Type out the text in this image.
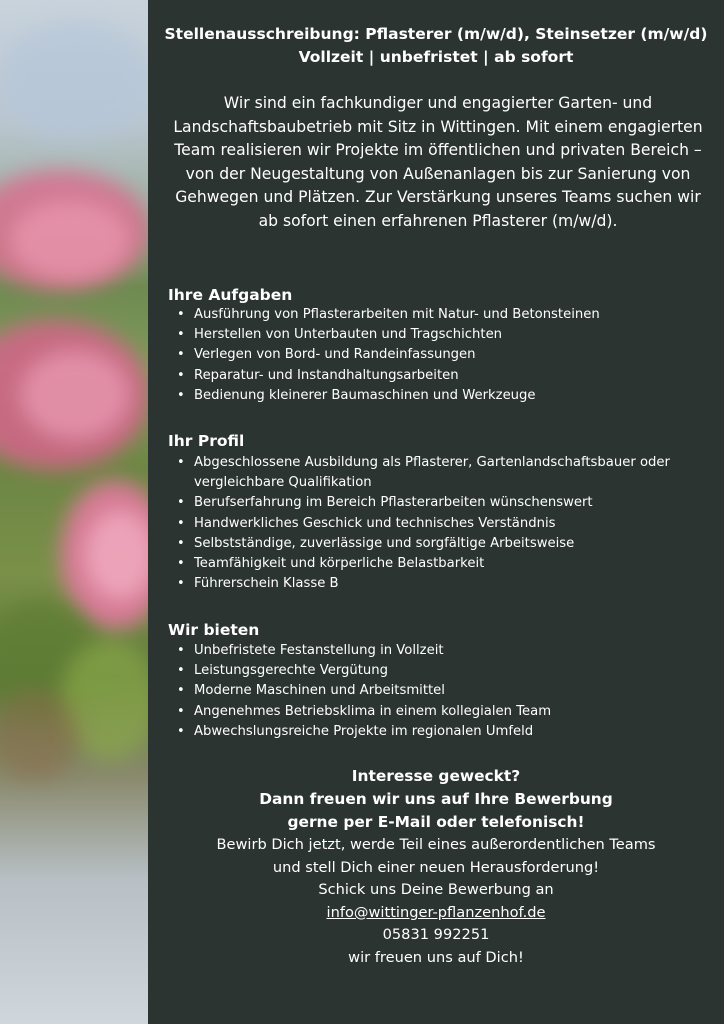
Stellenausschreibung: Pflasterer (m/w/d), Steinsetzer (m/w/d)
Vollzeit | unbefristet | ab sofort
Wir sind ein fachkundiger und engagierter Garten- und Landschaftsbaubetrieb mit Sitz in Wittingen. Mit einem engagierten Team realisieren wir Projekte im öffentlichen und privaten Bereich – von der Neugestaltung von Außenanlagen bis zur Sanierung von Gehwegen und Plätzen. Zur Verstärkung unseres Teams suchen wir ab sofort einen erfahrenen Pflasterer (m/w/d).
Ihre Aufgaben
• Ausführung von Pflasterarbeiten mit Natur- und Betonsteinen
• Herstellen von Unterbauten und Tragschichten
• Verlegen von Bord- und Randeinfassungen
• Reparatur- und Instandhaltungsarbeiten
• Bedienung kleinerer Baumaschinen und Werkzeuge
Ihr Profil
• Abgeschlossene Ausbildung als Pflasterer, Gartenlandschaftsbauer oder vergleichbare Qualifikation
• Berufserfahrung im Bereich Pflasterarbeiten wünschenswert
• Handwerkliches Geschick und technisches Verständnis
• Selbstständige, zuverlässige und sorgfältige Arbeitsweise
• Teamfähigkeit und körperliche Belastbarkeit
• Führerschein Klasse B
Wir bieten
• Unbefristete Festanstellung in Vollzeit
• Leistungsgerechte Vergütung
• Moderne Maschinen und Arbeitsmittel
• Angenehmes Betriebsklima in einem kollegialen Team
• Abwechslungsreiche Projekte im regionalen Umfeld
Interesse geweckt?
Dann freuen wir uns auf Ihre Bewerbung
gerne per E-Mail oder telefonisch!
Bewirb Dich jetzt, werde Teil eines außerordentlichen Teams
und stell Dich einer neuen Herausforderung!
Schick uns Deine Bewerbung an
info@wittinger-pflanzenhof.de
05831 992251
wir freuen uns auf Dich!
